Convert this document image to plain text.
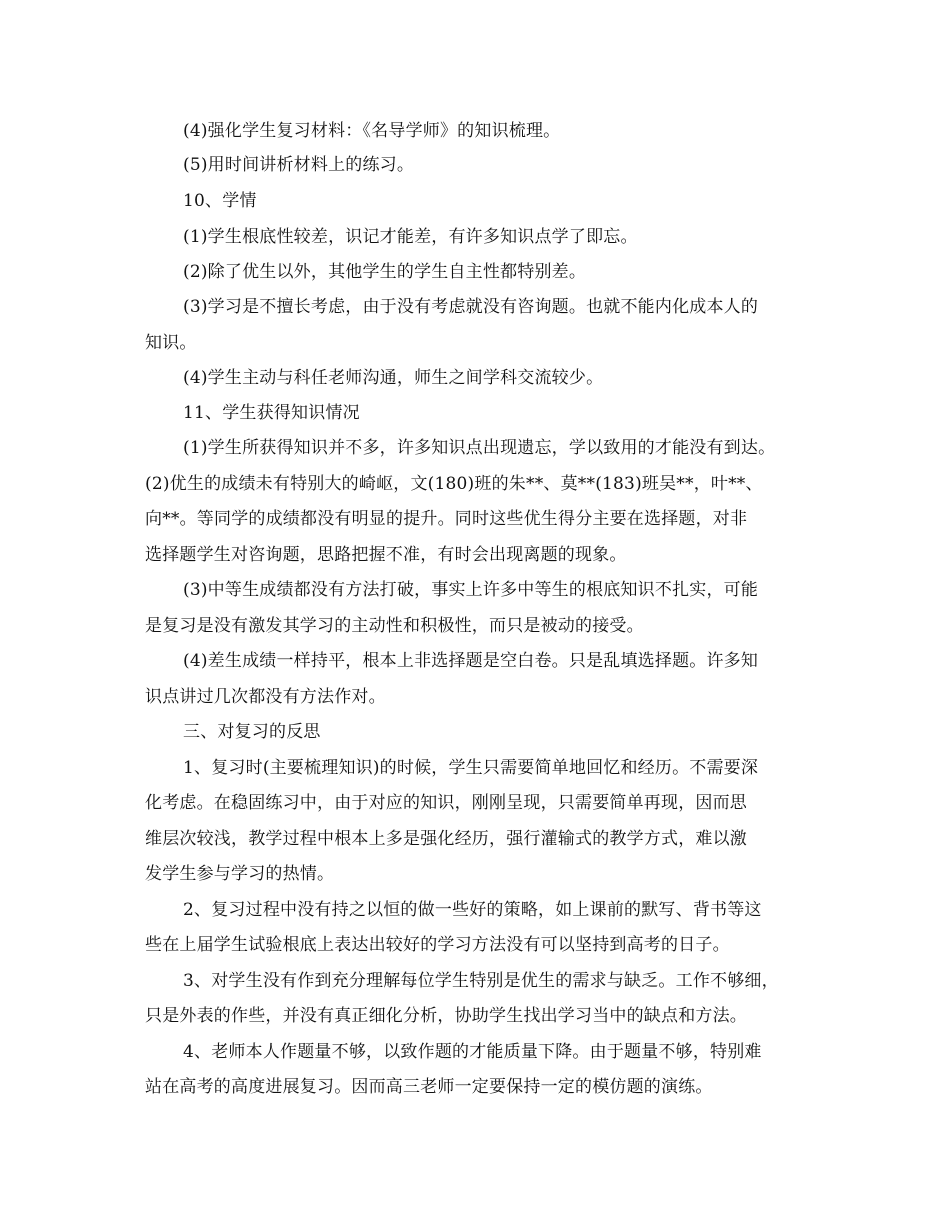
(4)强化学生复习材料：《名导学师》的知识梳理。
(5)用时间讲析材料上的练习。
10、学情
(1)学生根底性较差，识记才能差，有许多知识点学了即忘。
(2)除了优生以外，其他学生的学生自主性都特别差。
(3)学习是不擅长考虑，由于没有考虑就没有咨询题。也就不能内化成本人的
知识。
(4)学生主动与科任老师沟通，师生之间学科交流较少。
11、学生获得知识情况
(1)学生所获得知识并不多，许多知识点出现遗忘，学以致用的才能没有到达。
(2)优生的成绩未有特别大的崎岖，文(180)班的朱**、莫**(183)班吴**，叶**、
向**。等同学的成绩都没有明显的提升。同时这些优生得分主要在选择题，对非
选择题学生对咨询题，思路把握不准，有时会出现离题的现象。
(3)中等生成绩都没有方法打破，事实上许多中等生的根底知识不扎实，可能
是复习是没有激发其学习的主动性和积极性，而只是被动的接受。
(4)差生成绩一样持平，根本上非选择题是空白卷。只是乱填选择题。许多知
识点讲过几次都没有方法作对。
三、对复习的反思
1、复习时(主要梳理知识)的时候，学生只需要简单地回忆和经历。不需要深
化考虑。在稳固练习中，由于对应的知识，刚刚呈现，只需要简单再现，因而思
维层次较浅，教学过程中根本上多是强化经历，强行灌输式的教学方式，难以激
发学生参与学习的热情。
2、复习过程中没有持之以恒的做一些好的策略，如上课前的默写、背书等这
些在上届学生试验根底上表达出较好的学习方法没有可以坚持到高考的日子。
3、对学生没有作到充分理解每位学生特别是优生的需求与缺乏。工作不够细，
只是外表的作些，并没有真正细化分析，协助学生找出学习当中的缺点和方法。
4、老师本人作题量不够，以致作题的才能质量下降。由于题量不够，特别难
站在高考的高度进展复习。因而高三老师一定要保持一定的模仿题的演练。
